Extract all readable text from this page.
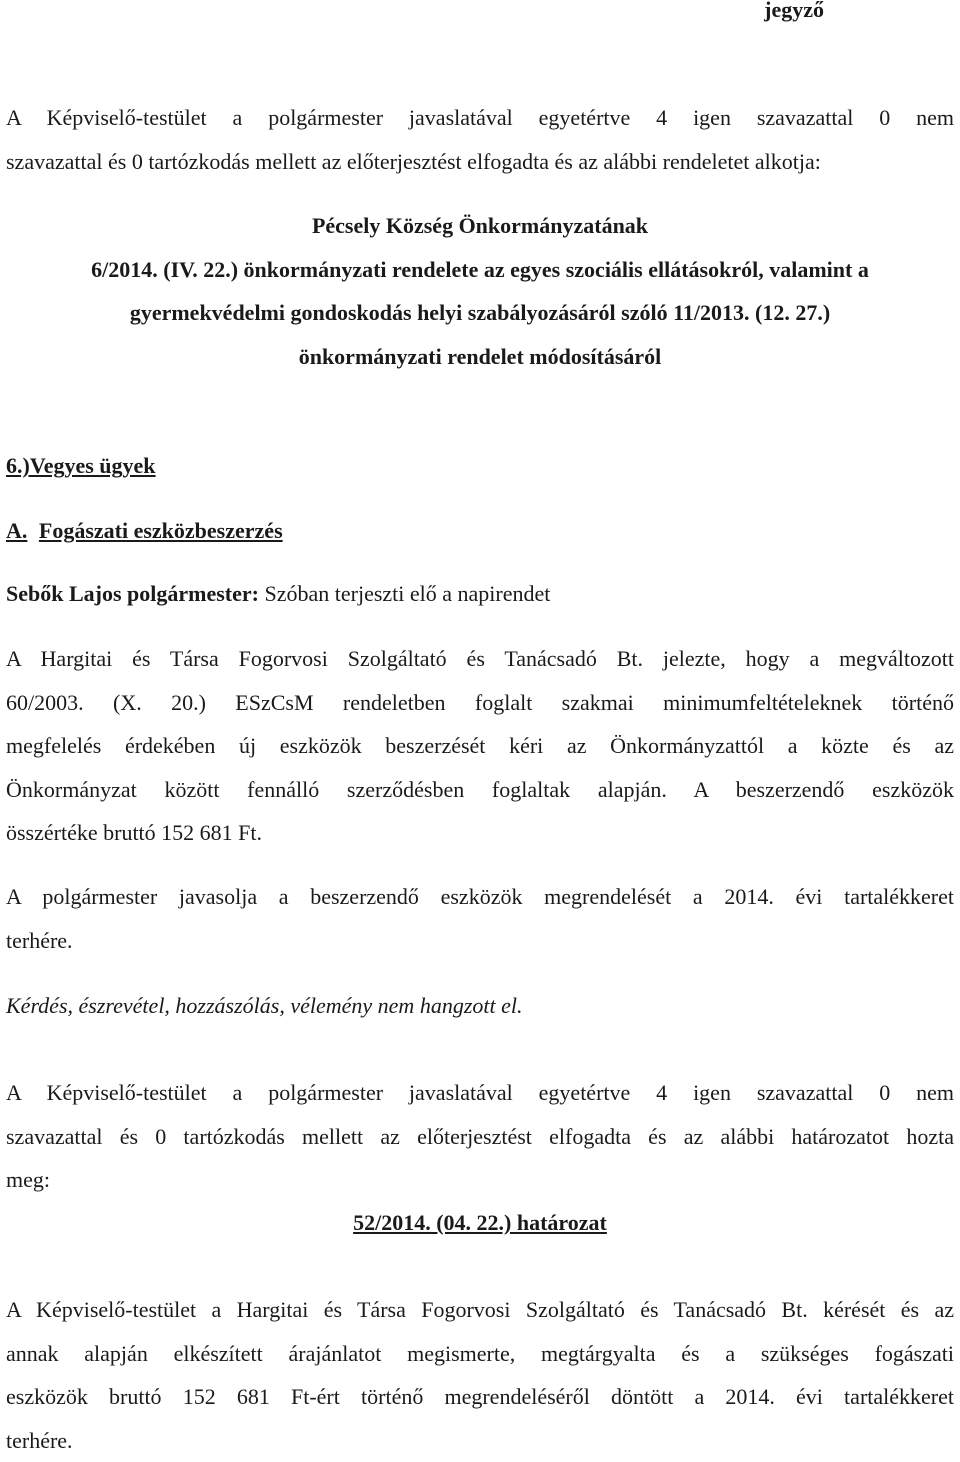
jegyző
A Képviselő-testület a polgármester javaslatával egyetértve 4 igen szavazattal 0 nem
szavazattal és 0 tartózkodás mellett az előterjesztést elfogadta és az alábbi rendeletet alkotja:
Pécsely Község Önkormányzatának
6/2014. (IV. 22.) önkormányzati rendelete az egyes szociális ellátásokról, valamint a
gyermekvédelmi gondoskodás helyi szabályozásáról szóló 11/2013. (12. 27.)
önkormányzati rendelet módosításáról
6.)Vegyes ügyek
A. Fogászati eszközbeszerzés
Sebők Lajos polgármester: Szóban terjeszti elő a napirendet
A Hargitai és Társa Fogorvosi Szolgáltató és Tanácsadó Bt. jelezte, hogy a megváltozott
60/2003. (X. 20.) ESzCsM rendeletben foglalt szakmai minimumfeltételeknek történő
megfelelés érdekében új eszközök beszerzését kéri az Önkormányzattól a közte és az
Önkormányzat között fennálló szerződésben foglaltak alapján. A beszerzendő eszközök
összértéke bruttó 152 681 Ft.
A polgármester javasolja a beszerzendő eszközök megrendelését a 2014. évi tartalékkeret
terhére.
Kérdés, észrevétel, hozzászólás, vélemény nem hangzott el.
A Képviselő-testület a polgármester javaslatával egyetértve 4 igen szavazattal 0 nem
szavazattal és 0 tartózkodás mellett az előterjesztést elfogadta és az alábbi határozatot hozta
meg:
52/2014. (04. 22.) határozat
A Képviselő-testület a Hargitai és Társa Fogorvosi Szolgáltató és Tanácsadó Bt. kérését és az
annak alapján elkészített árajánlatot megismerte, megtárgyalta és a szükséges fogászati
eszközök bruttó 152 681 Ft-ért történő megrendeléséről döntött a 2014. évi tartalékkeret
terhére.
